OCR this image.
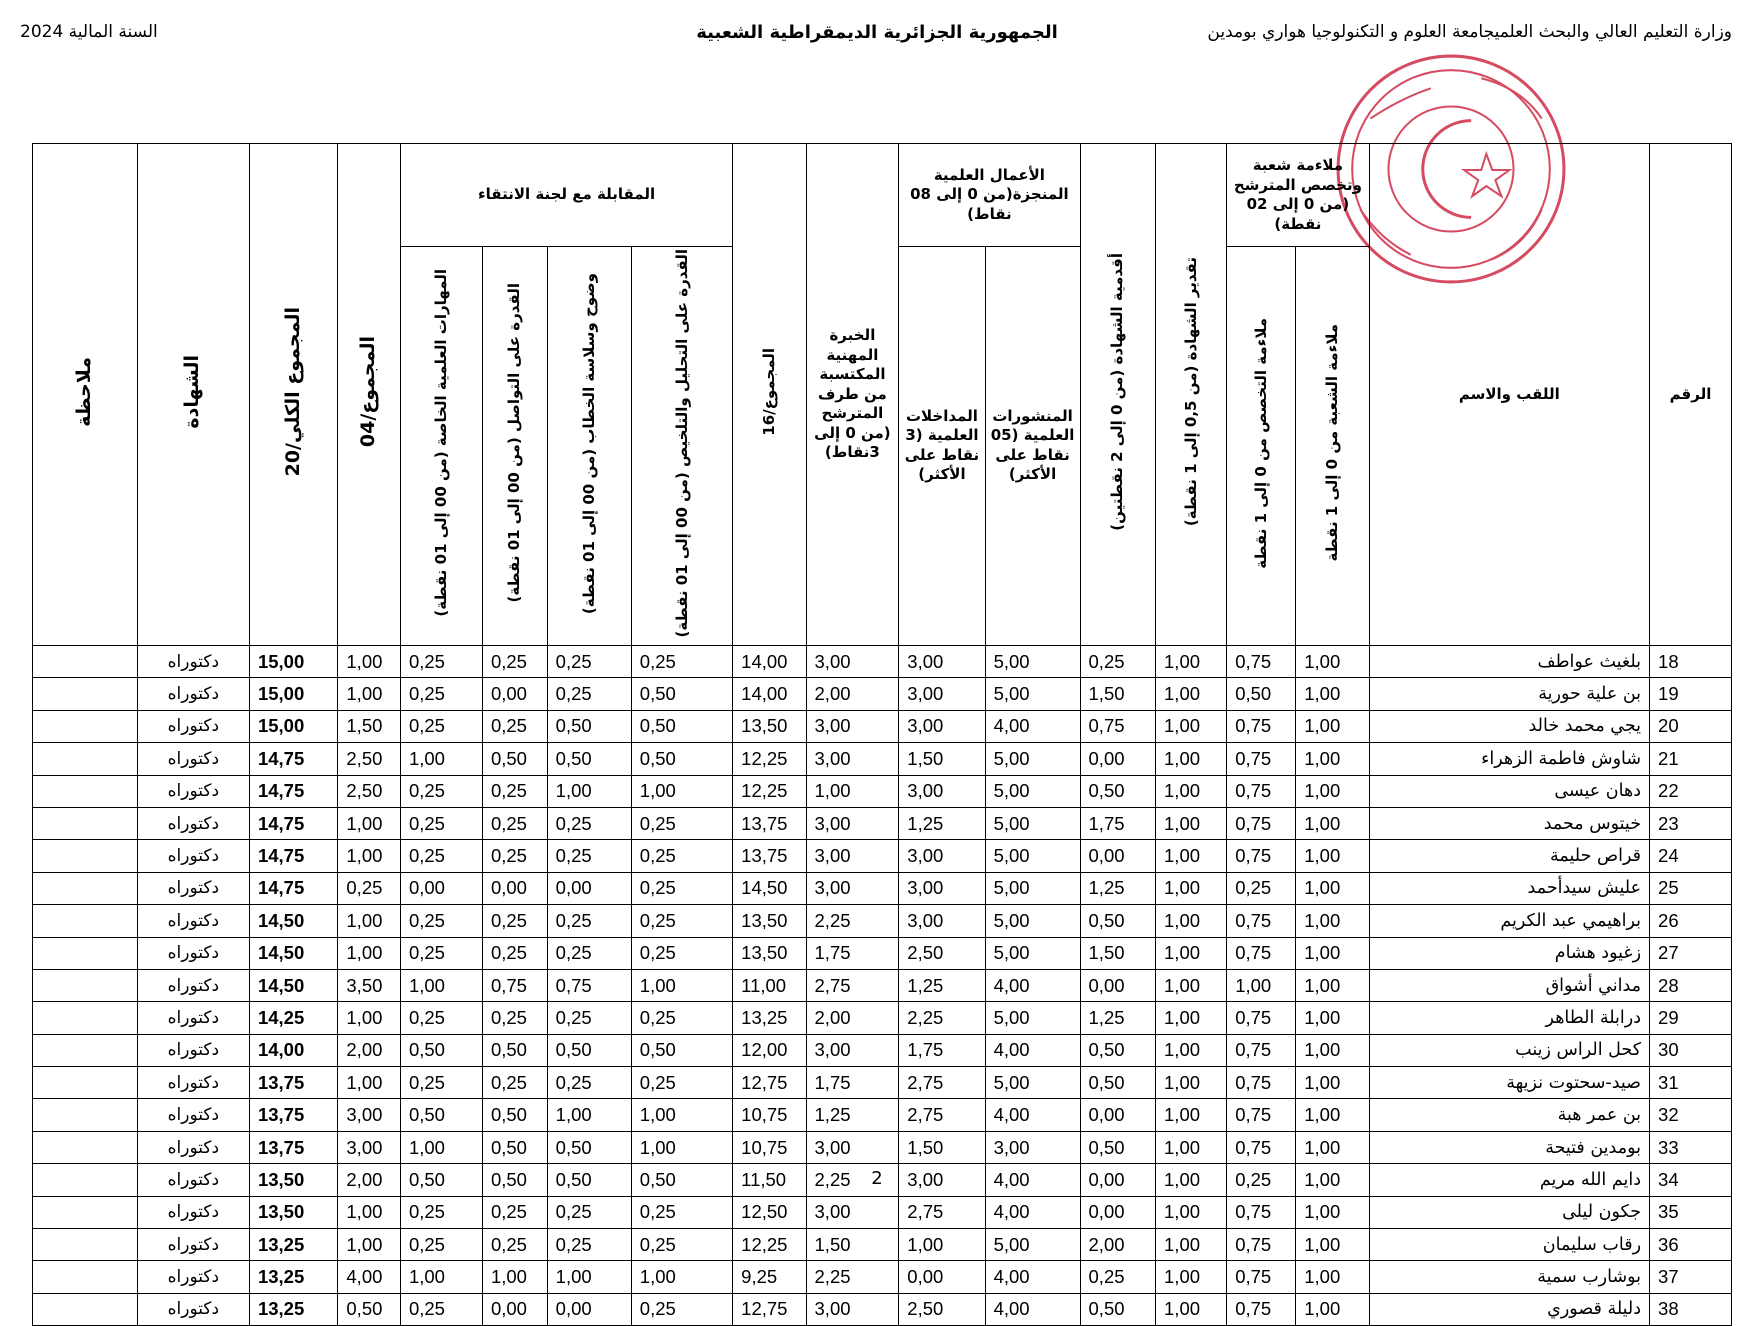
وزارة التعليم العالي والبحث العلميجامعة العلوم و التكنولوجيا هواري بومدين
الجمهورية الجزائرية الديمقراطية الشعبية
السنة المالية 2024
الرقم	اللقب والاسم	ملاءمة شعبة وتخصص المترشح (من 0 إلى 02 نقطة)		تقدير الشهادة (من 0,5 إلى 1 نقطة)	أقدمية الشهادة (من 0 إلى 2 نقطتين)	الأعمال العلمية المنجزة(من 0 إلى 08 نقاط)		الخبرة المهنية المكتسبة من طرف المترشح (من 0 إلى 3نقاط)	المجموع/16	المقابلة مع لجنة الانتقاء				المجموع/04	المجموع الكلي/20	الشهادة	ملاحظة
		ملاءمة الشعبة من 0 إلى 1 نقطة	ملاءمة التخصص من 0 إلى 1 نقطة			المنشورات العلمية (05 نقاط على الأكثر)	المداخلات العلمية (3 نقاط على الأكثر)			القدرة على التحليل والتلخيص (من 00 إلى 01 نقطة)	وضوح وسلاسة الخطاب (من 00 إلى 01 نقطة)	القدرة على التواصل (من 00 إلى 01 نقطة)	المهارات العلمية الخاصة (من 00 إلى 01 نقطة)				
18	بلغيث عواطف	1,00	0,75	1,00	0,25	5,00	3,00	3,00	14,00	0,25	0,25	0,25	0,25	1,00	15,00	دكتوراه	
19	بن علية حورية	1,00	0,50	1,00	1,50	5,00	3,00	2,00	14,00	0,50	0,25	0,00	0,25	1,00	15,00	دكتوراه	
20	يجي محمد خالد	1,00	0,75	1,00	0,75	4,00	3,00	3,00	13,50	0,50	0,50	0,25	0,25	1,50	15,00	دكتوراه	
21	شاوش فاطمة الزهراء	1,00	0,75	1,00	0,00	5,00	1,50	3,00	12,25	0,50	0,50	0,50	1,00	2,50	14,75	دكتوراه	
22	دهان عيسى	1,00	0,75	1,00	0,50	5,00	3,00	1,00	12,25	1,00	1,00	0,25	0,25	2,50	14,75	دكتوراه	
23	خيتوس محمد	1,00	0,75	1,00	1,75	5,00	1,25	3,00	13,75	0,25	0,25	0,25	0,25	1,00	14,75	دكتوراه	
24	قراص حليمة	1,00	0,75	1,00	0,00	5,00	3,00	3,00	13,75	0,25	0,25	0,25	0,25	1,00	14,75	دكتوراه	
25	عليش سيدأحمد	1,00	0,25	1,00	1,25	5,00	3,00	3,00	14,50	0,25	0,00	0,00	0,00	0,25	14,75	دكتوراه	
26	براهيمي عبد الكريم	1,00	0,75	1,00	0,50	5,00	3,00	2,25	13,50	0,25	0,25	0,25	0,25	1,00	14,50	دكتوراه	
27	زغيود هشام	1,00	0,75	1,00	1,50	5,00	2,50	1,75	13,50	0,25	0,25	0,25	0,25	1,00	14,50	دكتوراه	
28	مداني أشواق	1,00	1,00	1,00	0,00	4,00	1,25	2,75	11,00	1,00	0,75	0,75	1,00	3,50	14,50	دكتوراه	
29	درابلة الطاهر	1,00	0,75	1,00	1,25	5,00	2,25	2,00	13,25	0,25	0,25	0,25	0,25	1,00	14,25	دكتوراه	
30	كحل الراس زينب	1,00	0,75	1,00	0,50	4,00	1,75	3,00	12,00	0,50	0,50	0,50	0,50	2,00	14,00	دكتوراه	
31	صيد-سحتوت نزيهة	1,00	0,75	1,00	0,50	5,00	2,75	1,75	12,75	0,25	0,25	0,25	0,25	1,00	13,75	دكتوراه	
32	بن عمر هبة	1,00	0,75	1,00	0,00	4,00	2,75	1,25	10,75	1,00	1,00	0,50	0,50	3,00	13,75	دكتوراه	
33	بومدين فتيحة	1,00	0,75	1,00	0,50	3,00	1,50	3,00	10,75	1,00	0,50	0,50	1,00	3,00	13,75	دكتوراه	
34	دايم الله مريم	1,00	0,25	1,00	0,00	4,00	3,00	2,25	11,50	0,50	0,50	0,50	0,50	2,00	13,50	دكتوراه	
35	جكون ليلى	1,00	0,75	1,00	0,00	4,00	2,75	3,00	12,50	0,25	0,25	0,25	0,25	1,00	13,50	دكتوراه	
36	رقاب سليمان	1,00	0,75	1,00	2,00	5,00	1,00	1,50	12,25	0,25	0,25	0,25	0,25	1,00	13,25	دكتوراه	
37	بوشارب سمية	1,00	0,75	1,00	0,25	4,00	0,00	2,25	9,25	1,00	1,00	1,00	1,00	4,00	13,25	دكتوراه	
38	دليلة قصوري	1,00	0,75	1,00	0,50	4,00	2,50	3,00	12,75	0,25	0,00	0,00	0,25	0,50	13,25	دكتوراه	
2
